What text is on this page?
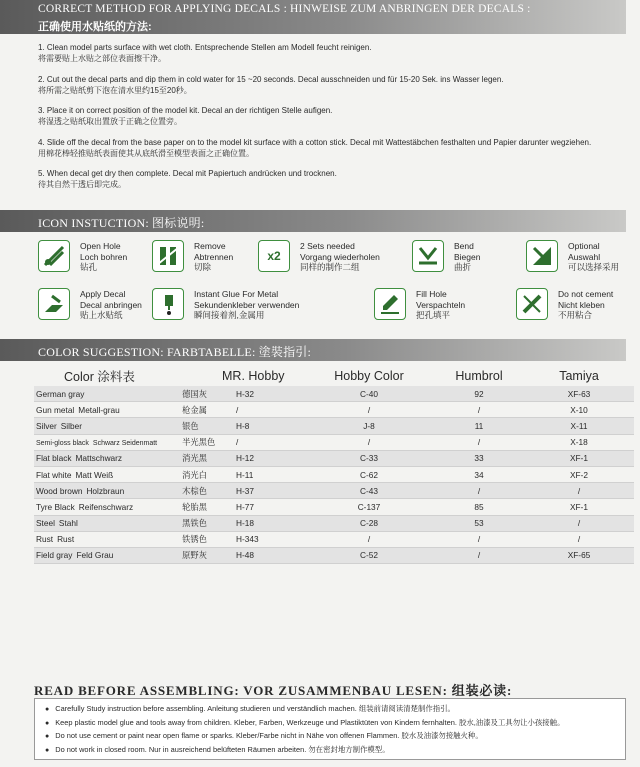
CORRECT METHOD FOR APPLYING DECALS : HINWEISE ZUM ANBRINGEN DER DECALS :
正确使用水贴纸的方法:
1. Clean model parts surface with wet cloth. Entsprechende Stellen am Modell feucht reinigen.
将需要贴上水贴之部位表面擦干净。
2. Cut out the decal parts and dip them in cold water for 15 ~20 seconds. Decal ausschneiden und für 15-20 Sek. ins Wasser legen.
将所需之贴纸剪下泡在清水里约15至20秒。
3. Place it on correct position of the model kit. Decal an der richtigen Stelle aufigen.
将湿透之贴纸取出置放于正确之位置旁。
4. Slide off the decal from the base paper on to the model kit surface with a cotton stick. Decal mit Wattestäbchen festhalten und Papier darunter wegziehen.
用棉花棒轻推贴纸表面使其从底纸滑至模型表面之正确位置。
5. When decal get dry then complete. Decal mit Papiertuch andrücken und trocknen.
待其自然干透后即完成。
ICON INSTUCTION: 图标说明:
Open Hole
Loch bohren
钻孔
Remove
Abtrennen
切除
x2
2 Sets needed
Vorgang wiederholen
同样的制作二组
Bend
Biegen
曲折
Optional
Auswahl
可以选择采用
Apply Decal
Decal anbringen
贴上水贴纸
Instant Glue For Metal
Sekundenkleber verwenden
瞬间接着剂,金属用
Fill Hole
Verspachteln
把孔填平
Do not cement
Nicht kleben
不用粘合
COLOR SUGGESTION: FARBTABELLE: 塗裝指引:
Color 涂料表		MR. Hobby	Hobby Color	Humbrol	Tamiya
German gray	德国灰	H-32	C-40	92	XF-63
Gun metal Metall-grau	枪金属	/	/	/	X-10
Silver Silber	银色	H-8	J-8	11	X-11
Semi-gloss black Schwarz Seidenmatt	半光黑色	/	/	/	X-18
Flat black Mattschwarz	消光黑	H-12	C-33	33	XF-1
Flat white Matt Weiß	消光白	H-11	C-62	34	XF-2
Wood brown Holzbraun	木棕色	H-37	C-43	/	/
Tyre Black Reifenschwarz	轮胎黑	H-77	C-137	85	XF-1
Steel Stahl	黑铁色	H-18	C-28	53	/
Rust Rust	铁锈色	H-343	/	/	/
Field gray Feld Grau	原野灰	H-48	C-52	/	XF-65
READ BEFORE ASSEMBLING: VOR ZUSAMMENBAU LESEN: 组装必读:
● Carefully Study instruction before assembling. Anleitung studieren und verständlich machen. 组装前请阅读清楚制作指引。
● Keep plastic model glue and tools away from children. Kleber, Farben, Werkzeuge und Plastiktüten von Kindern fernhalten. 胶水,油漆及工具勿让小孩接触。
● Do not use cement or paint near open flame or sparks. Kleber/Farbe nicht in Nähe von offenen Flammen. 胶水及油漆勿接触火种。
● Do not work in closed room. Nur in ausreichend belüfteten Räumen arbeiten. 勿在密封地方制作模型。
